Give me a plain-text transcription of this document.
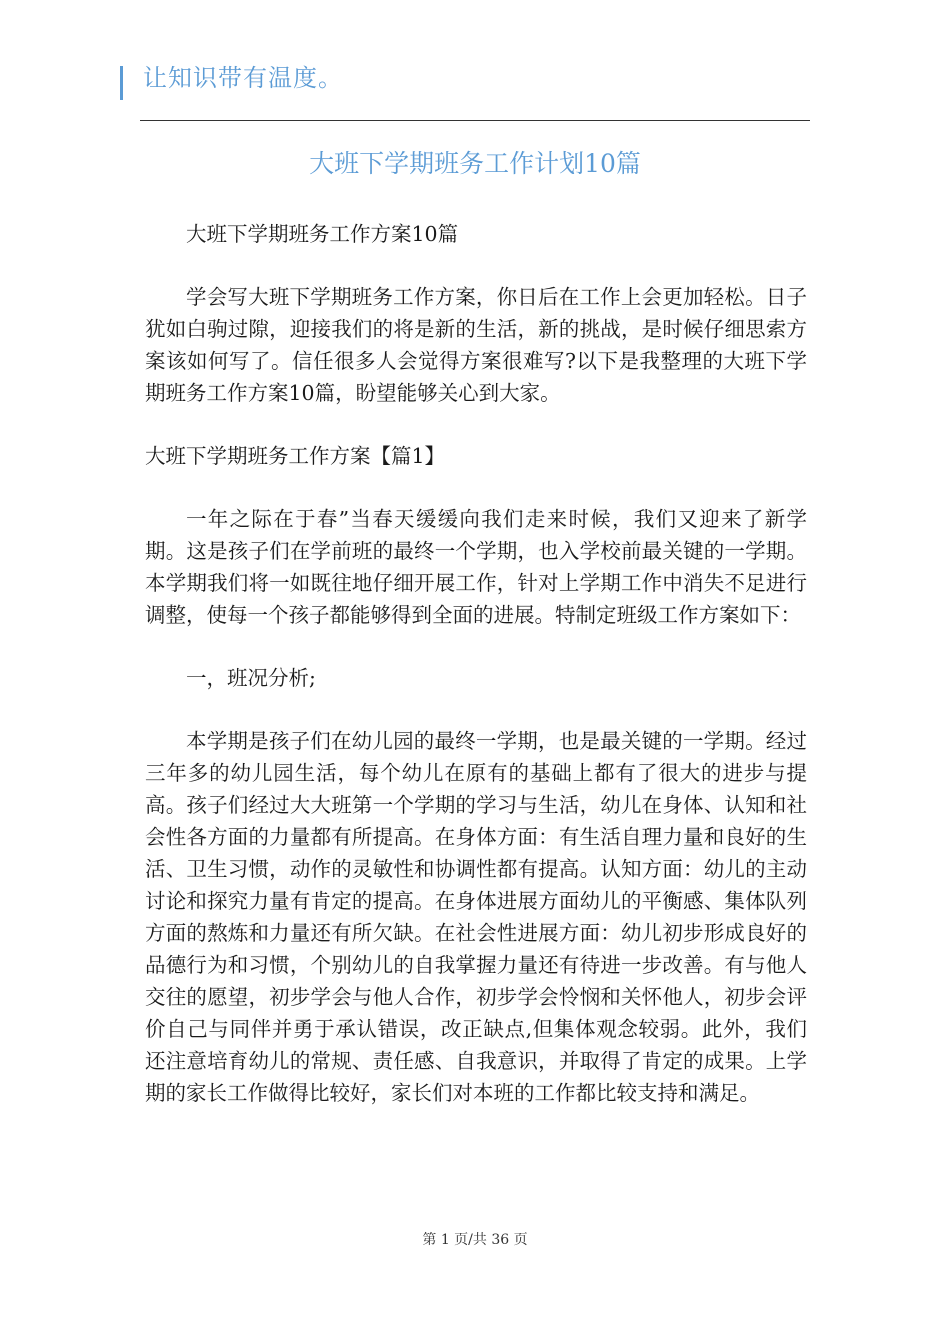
让知识带有温度。
大班下学期班务工作计划10篇

大班下学期班务工作方案10篇

学会写大班下学期班务工作方案，你日后在工作上会更加轻松。日子犹如白驹过隙，迎接我们的将是新的生活，新的挑战，是时候仔细思索方案该如何写了。信任很多人会觉得方案很难写?以下是我整理的大班下学期班务工作方案10篇，盼望能够关心到大家。

大班下学期班务工作方案【篇1】

一年之际在于春”当春天缓缓向我们走来时候，我们又迎来了新学期。这是孩子们在学前班的最终一个学期，也入学校前最关键的一学期。本学期我们将一如既往地仔细开展工作，针对上学期工作中消失不足进行调整，使每一个孩子都能够得到全面的进展。特制定班级工作方案如下：

一，班况分析;

本学期是孩子们在幼儿园的最终一学期，也是最关键的一学期。经过三年多的幼儿园生活，每个幼儿在原有的基础上都有了很大的进步与提高。孩子们经过大大班第一个学期的学习与生活，幼儿在身体、认知和社会性各方面的力量都有所提高。在身体方面：有生活自理力量和良好的生活、卫生习惯，动作的灵敏性和协调性都有提高。认知方面：幼儿的主动讨论和探究力量有肯定的提高。在身体进展方面幼儿的平衡感、集体队列方面的熬炼和力量还有所欠缺。在社会性进展方面：幼儿初步形成良好的品德行为和习惯，个别幼儿的自我掌握力量还有待进一步改善。有与他人交往的愿望，初步学会与他人合作，初步学会怜悯和关怀他人，初步会评价自己与同伴并勇于承认错误，改正缺点,但集体观念较弱。此外，我们还注意培育幼儿的常规、责任感、自我意识，并取得了肯定的成果。上学期的家长工作做得比较好，家长们对本班的工作都比较支持和满足。

第 1 页/共 36 页
